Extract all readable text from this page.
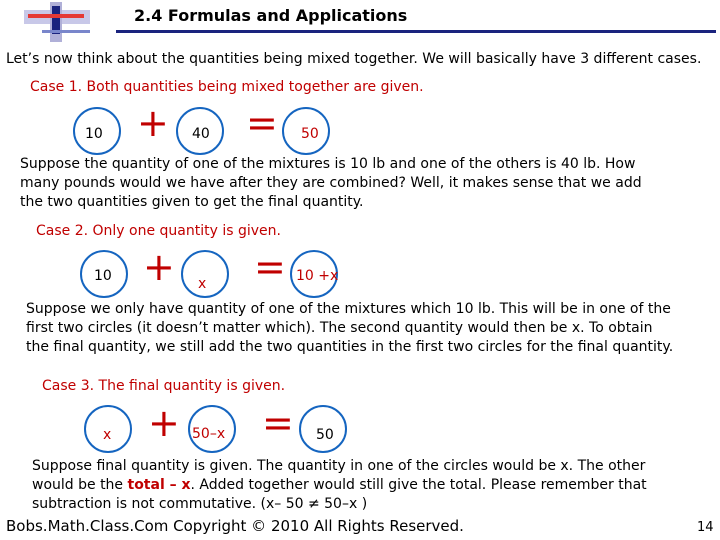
2.4 Formulas and Applications
Let’s now think about the quantities being mixed together. We will basically have 3 different cases.
Case 1. Both quantities being mixed together are given.
10 + 40 = 50
Suppose the quantity of one of the mixtures is 10 lb and one of the others is 40 lb. How
many pounds would we have after they are combined? Well, it makes sense that we add
the two quantities given to get the final quantity.
Case 2. Only one quantity is given.
10 + x = 10 +x
Suppose we only have quantity of one of the mixtures which 10 lb. This will be in one of the
first two circles (it doesn’t matter which). The second quantity would then be x. To obtain
the final quantity, we still add the two quantities in the first two circles for the final quantity.
Case 3. The final quantity is given.
x + 50–x = 50
Suppose final quantity is given. The quantity in one of the circles would be x. The other
would be the total – x. Added together would still give the total. Please remember that
subtraction is not commutative. (x– 50 ≠ 50–x )
Bobs.Math.Class.Com Copyright © 2010 All Rights Reserved.	14
